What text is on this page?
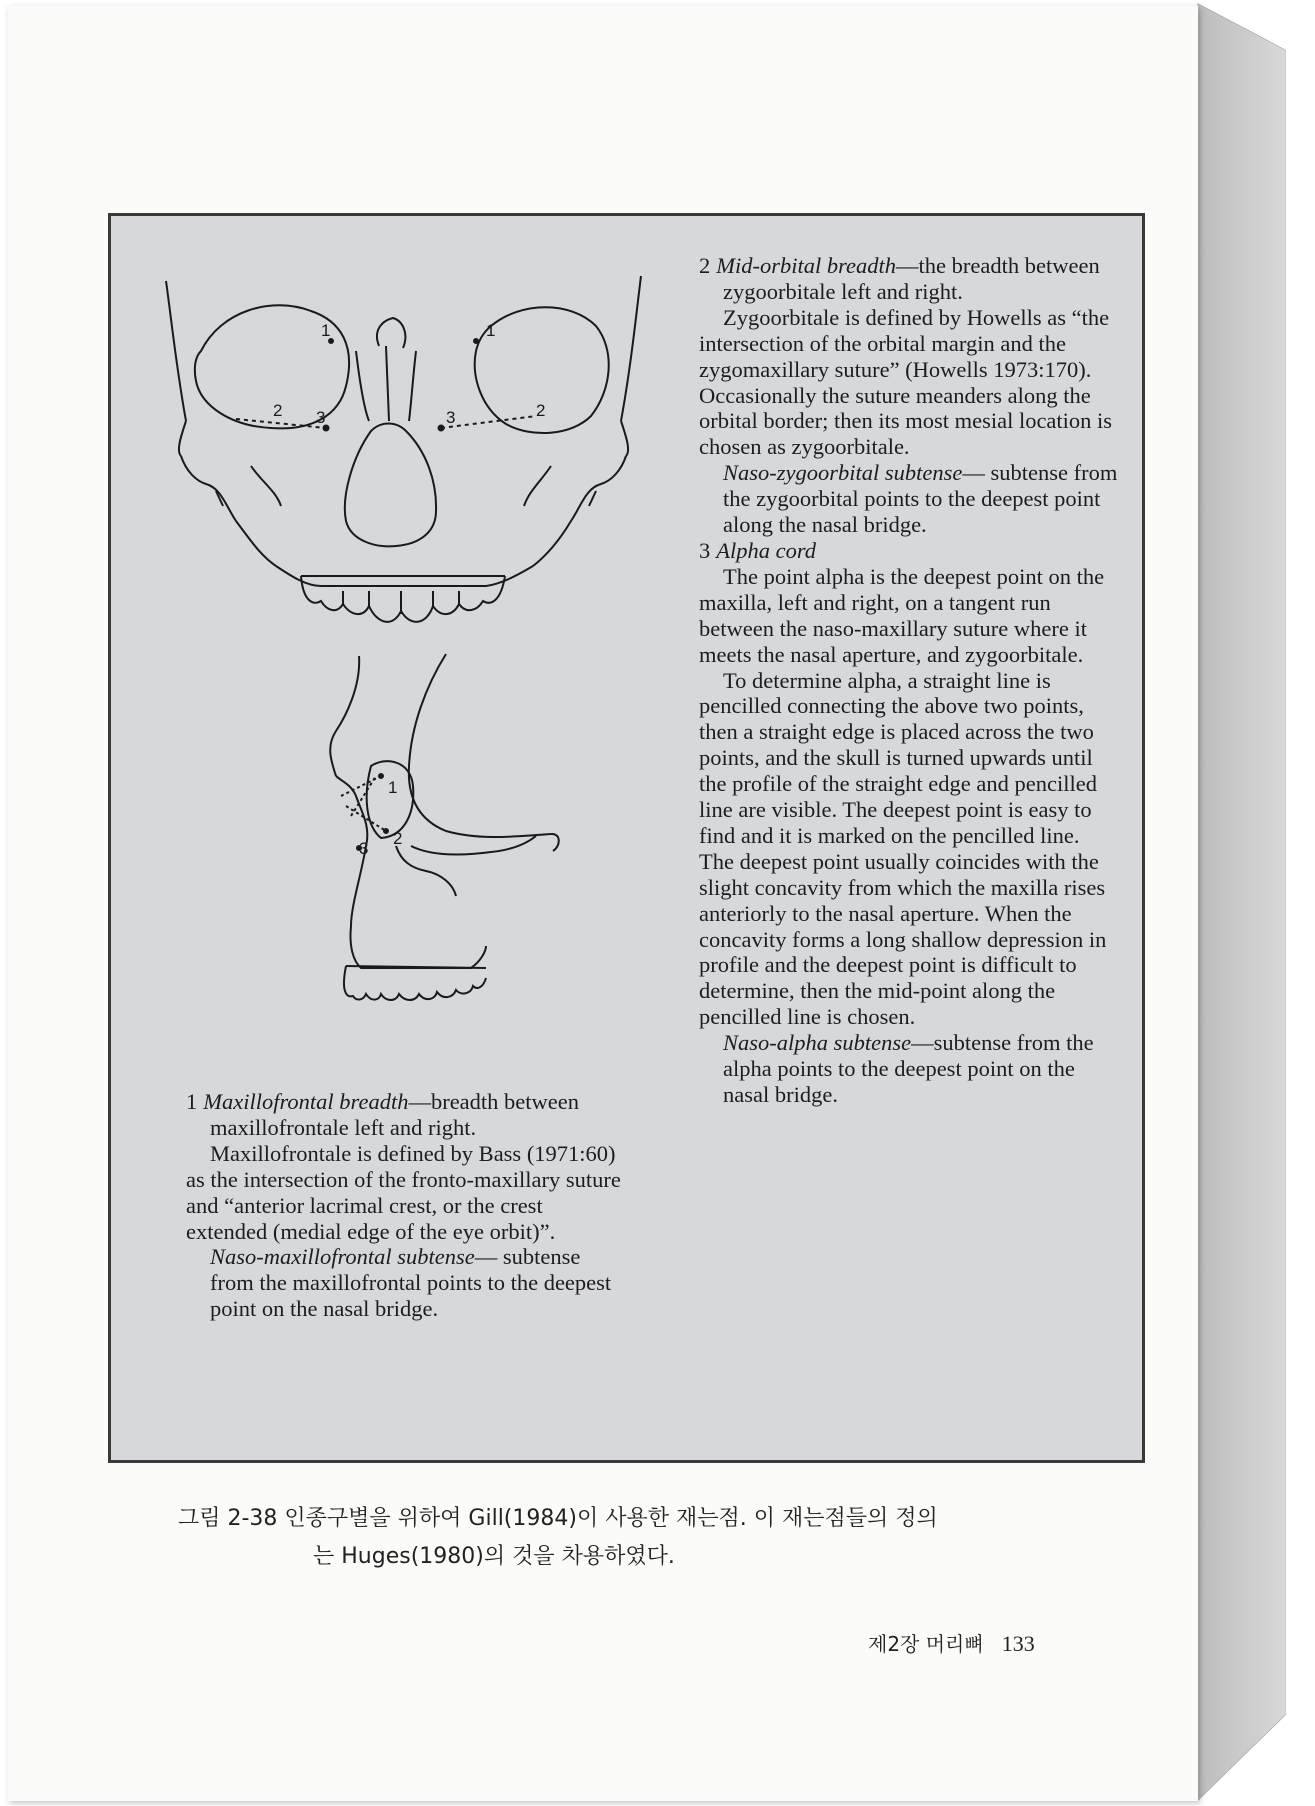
1	1
2	2
3	3
1
2
3

1 Maxillofrontal breadth—breadth between maxillofrontale left and right.

Maxillofrontale is defined by Bass (1971:60) as the intersection of the fronto-maxillary suture and “anterior lacrimal crest, or the crest extended (medial edge of the eye orbit)”.

Naso-maxillofrontal subtense— subtense from the maxillofrontal points to the deepest point on the nasal bridge.

2 Mid-orbital breadth—the breadth between zygoorbitale left and right.

Zygoorbitale is defined by Howells as “the intersection of the orbital margin and the zygomaxillary suture” (Howells 1973:170). Occasionally the suture meanders along the orbital border; then its most mesial location is chosen as zygoorbitale.

Naso-zygoorbital subtense— subtense from the zygoorbital points to the deepest point along the nasal bridge.

3 Alpha cord

The point alpha is the deepest point on the maxilla, left and right, on a tangent run between the naso-maxillary suture where it meets the nasal aperture, and zygoorbitale.

To determine alpha, a straight line is pencilled connecting the above two points, then a straight edge is placed across the two points, and the skull is turned upwards until the profile of the straight edge and pencilled line are visible. The deepest point is easy to find and it is marked on the pencilled line. The deepest point usually coincides with the slight concavity from which the maxilla rises anteriorly to the nasal aperture. When the concavity forms a long shallow depression in profile and the deepest point is difficult to determine, then the mid-point along the pencilled line is chosen.

Naso-alpha subtense—subtense from the alpha points to the deepest point on the nasal bridge.

그림 2-38 인종구별을 위하여 Gill(1984)이 사용한 재는점. 이 재는점들의 정의
는 Huges(1980)의 것을 차용하였다.
제2장 머리뼈 133
